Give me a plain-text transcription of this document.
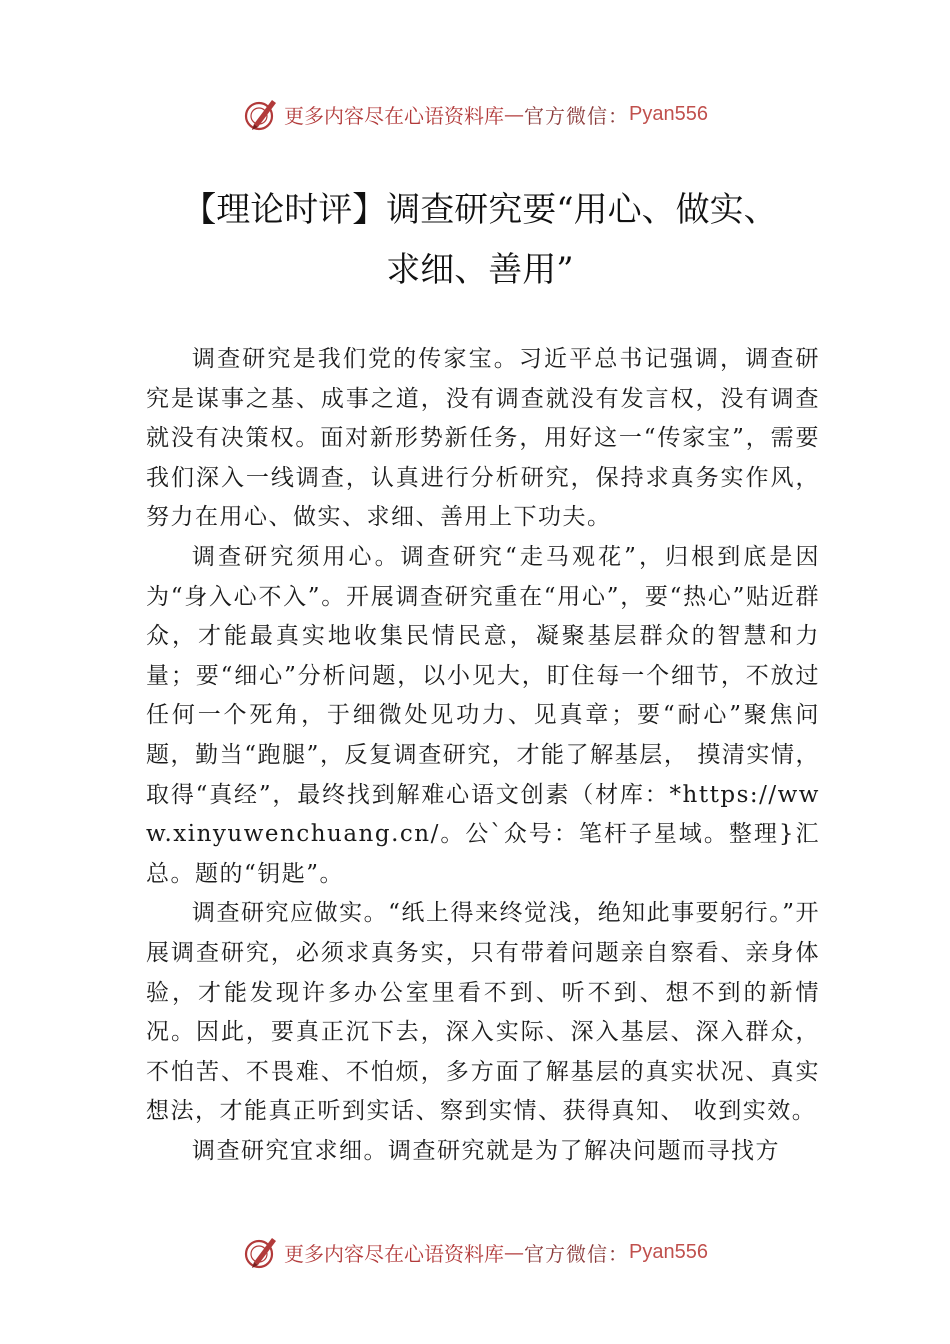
更多内容尽在心语资料库 — 官方微信： Pyan556
【理论时评】调查研究要“用心、做实、
求细、善用”

调查研究是我们党的传家宝。习近平总书记强调，调查研究是谋事之基、成事之道，没有调查就没有发言权，没有调查就没有决策权。面对新形势新任务，用好这一“传家宝”，需要我们深入一线调查，认真进行分析研究，保持求真务实作风，努力在用心、做实、求细、善用上下功夫。

调查研究须用心。调查研究“走马观花”，归根到底是因为“身入心不入”。开展调查研究重在“用心”，要“热心”贴近群众，才能最真实地收集民情民意，凝聚基层群众的智慧和力量；要“细心”分析问题，以小见大，盯住每一个细节，不放过任何一个死角，于细微处见功力、见真章；要“耐心”聚焦问题，勤当“跑腿”，反复调查研究，才能了解基层， 摸清实情，取得“真经”，最终找到解难心语文创素（材库：*https://www.xinyuwenchuang.cn/。公`众号：笔杆子星域。整理}汇总。题的“钥匙”。

调查研究应做实。“纸上得来终觉浅，绝知此事要躬行。”开展调查研究，必须求真务实，只有带着问题亲自察看、亲身体验，才能发现许多办公室里看不到、听不到、想不到的新情况。因此，要真正沉下去，深入实际、深入基层、深入群众，不怕苦、不畏难、不怕烦，多方面了解基层的真实状况、真实想法，才能真正听到实话、察到实情、获得真知、 收到实效。

调查研究宜求细。调查研究就是为了解决问题而寻找方

更多内容尽在心语资料库 — 官方微信： Pyan556
